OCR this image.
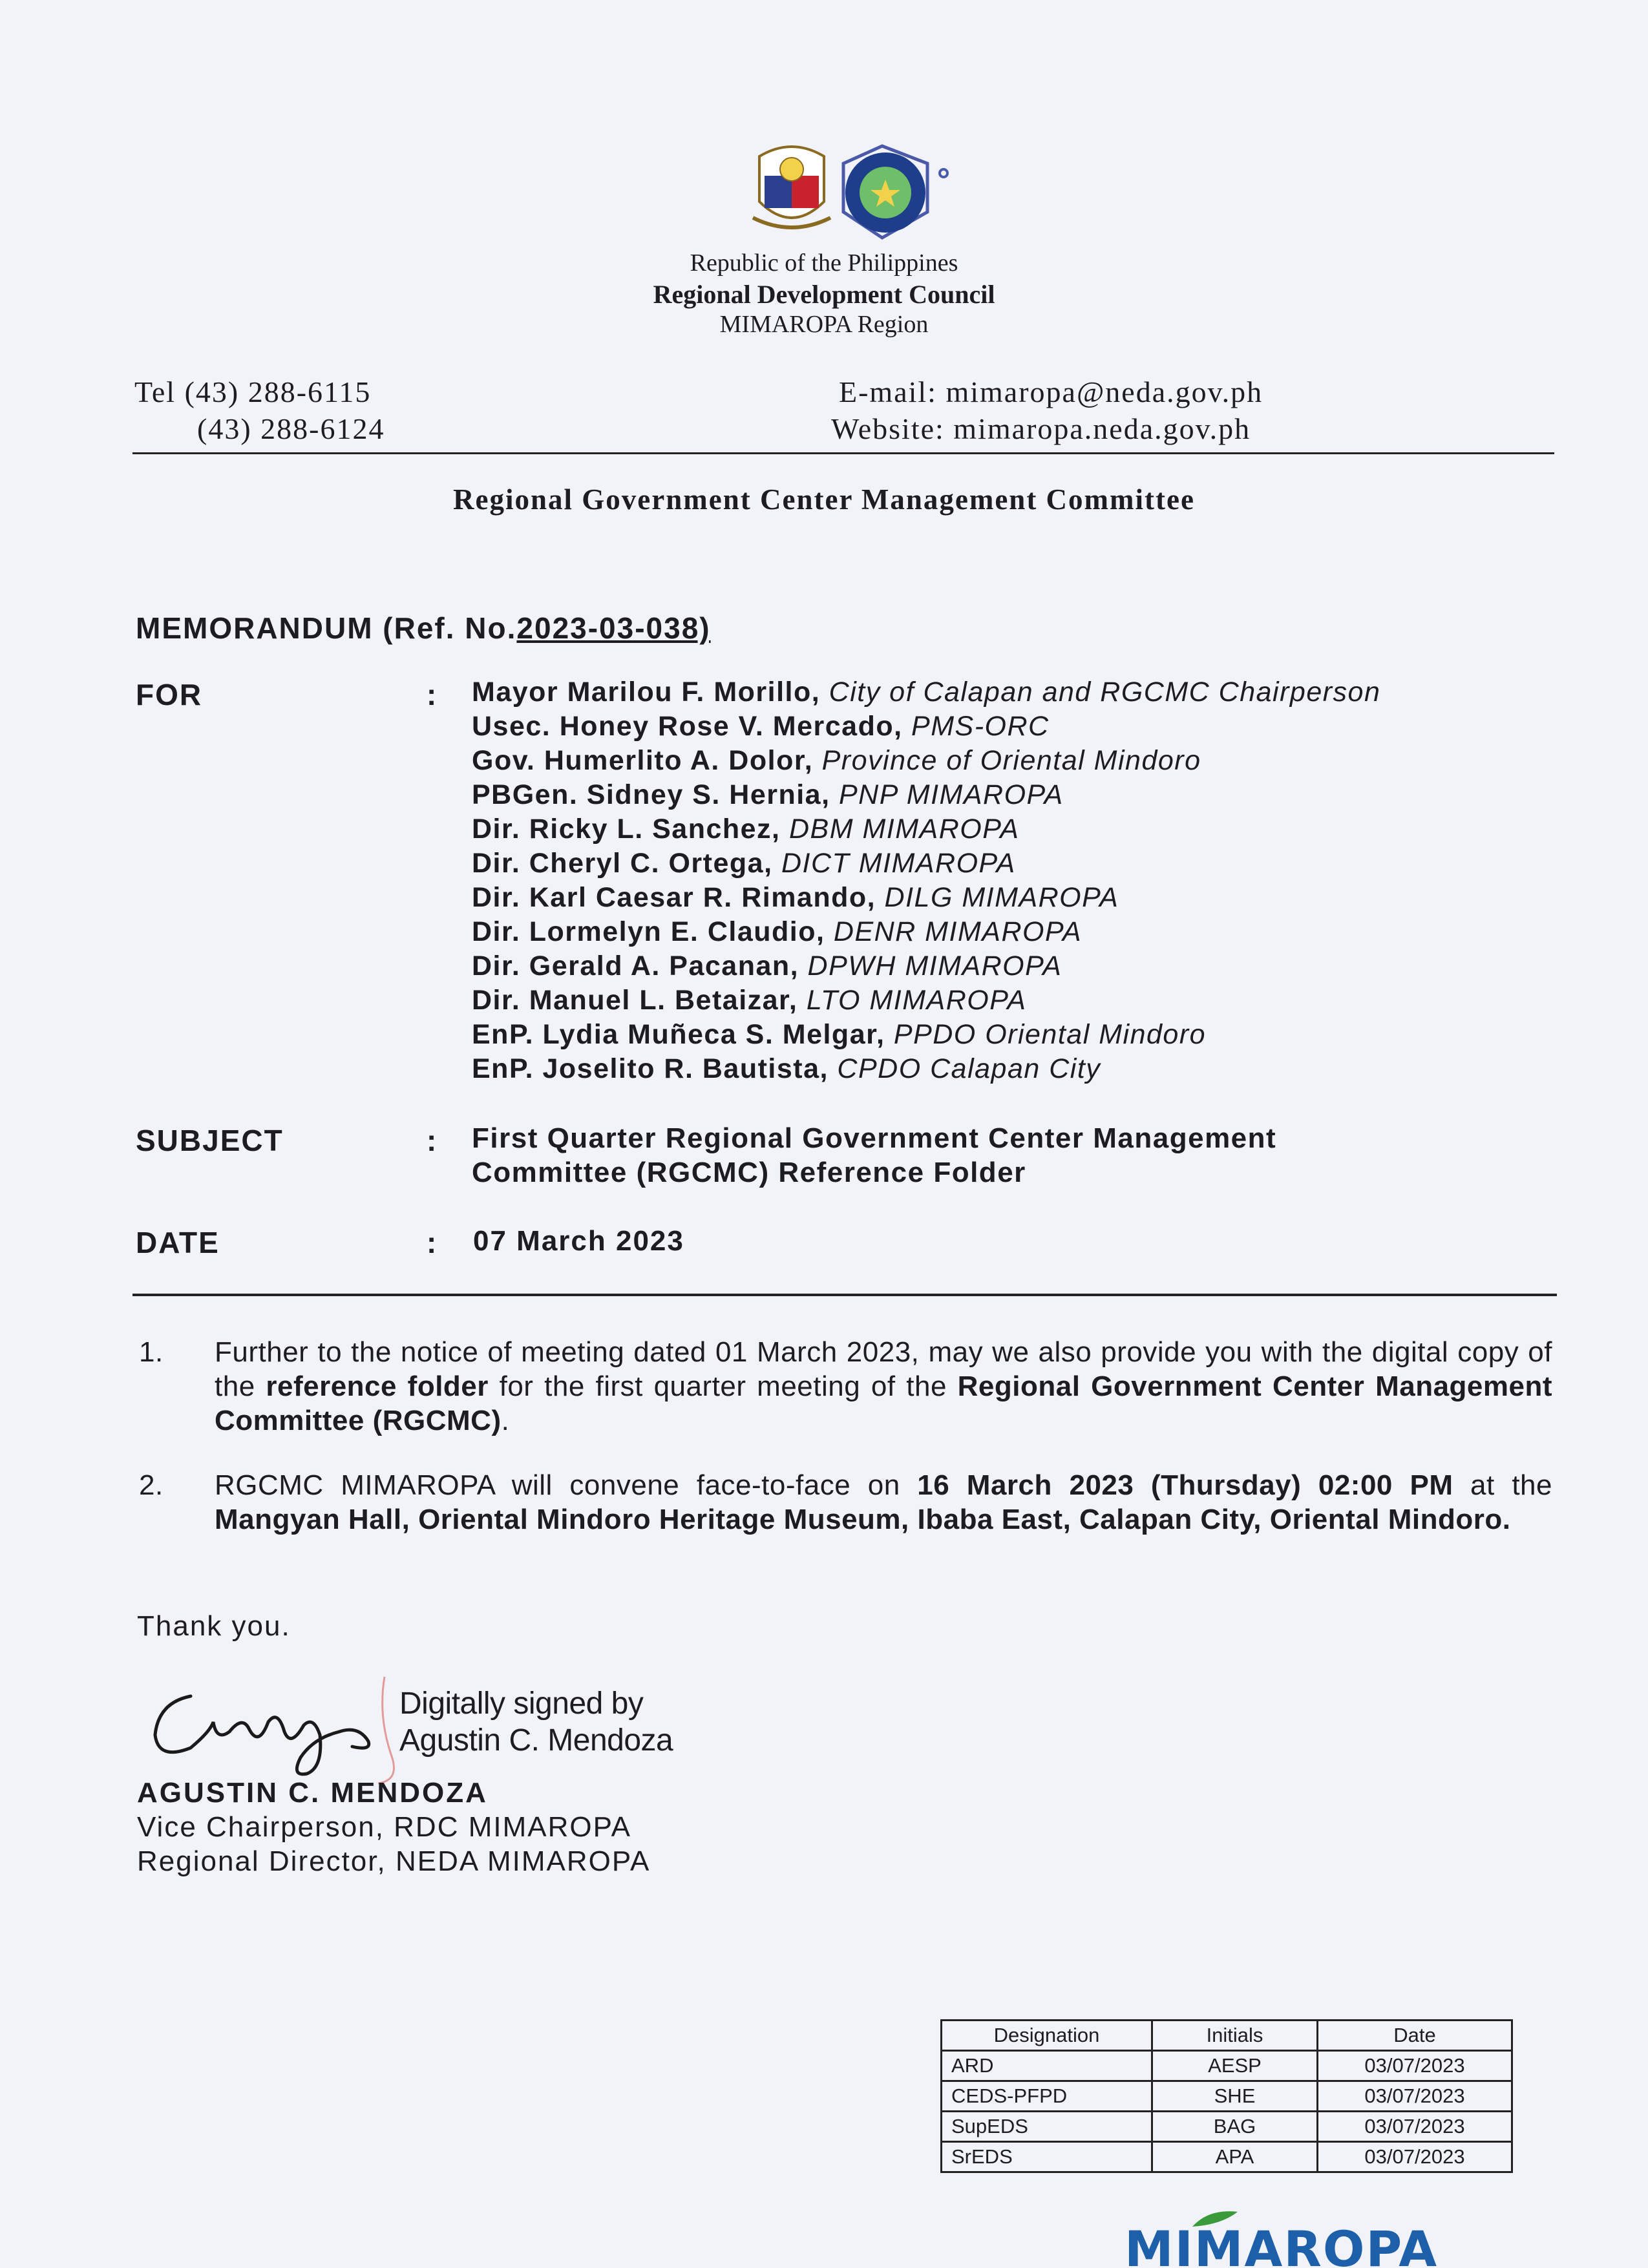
Republic of the Philippines
Regional Development Council
MIMAROPA Region
Tel (43) 288-6115
(43) 288-6124
E-mail: mimaropa@neda.gov.ph
Website: mimaropa.neda.gov.ph
Regional Government Center Management Committee
MEMORANDUM (Ref. No.2023-03-038)
FOR	: Mayor Marilou F. Morillo, City of Calapan and RGCMC Chairperson
Usec. Honey Rose V. Mercado, PMS-ORC
Gov. Humerlito A. Dolor, Province of Oriental Mindoro
PBGen. Sidney S. Hernia, PNP MIMAROPA
Dir. Ricky L. Sanchez, DBM MIMAROPA
Dir. Cheryl C. Ortega, DICT MIMAROPA
Dir. Karl Caesar R. Rimando, DILG MIMAROPA
Dir. Lormelyn E. Claudio, DENR MIMAROPA
Dir. Gerald A. Pacanan, DPWH MIMAROPA
Dir. Manuel L. Betaizar, LTO MIMAROPA
EnP. Lydia Muñeca S. Melgar, PPDO Oriental Mindoro
EnP. Joselito R. Bautista, CPDO Calapan City
SUBJECT	: First Quarter Regional Government Center Management
Committee (RGCMC) Reference Folder
DATE	: 07 March 2023
1. Further to the notice of meeting dated 01 March 2023, may we also provide you with the digital copy of the reference folder for the first quarter meeting of the Regional Government Center Management Committee (RGCMC).
2. RGCMC MIMAROPA will convene face-to-face on 16 March 2023 (Thursday) 02:00 PM at the Mangyan Hall, Oriental Mindoro Heritage Museum, Ibaba East, Calapan City, Oriental Mindoro.
Thank you.
Digitally signed by
Agustin C. Mendoza
AGUSTIN C. MENDOZA
Vice Chairperson, RDC MIMAROPA
Regional Director, NEDA MIMAROPA
Designation	Initials	Date
ARD	AESP	03/07/2023
CEDS-PFPD	SHE	03/07/2023
SupEDS	BAG	03/07/2023
SrEDS	APA	03/07/2023
MIMAROPA
